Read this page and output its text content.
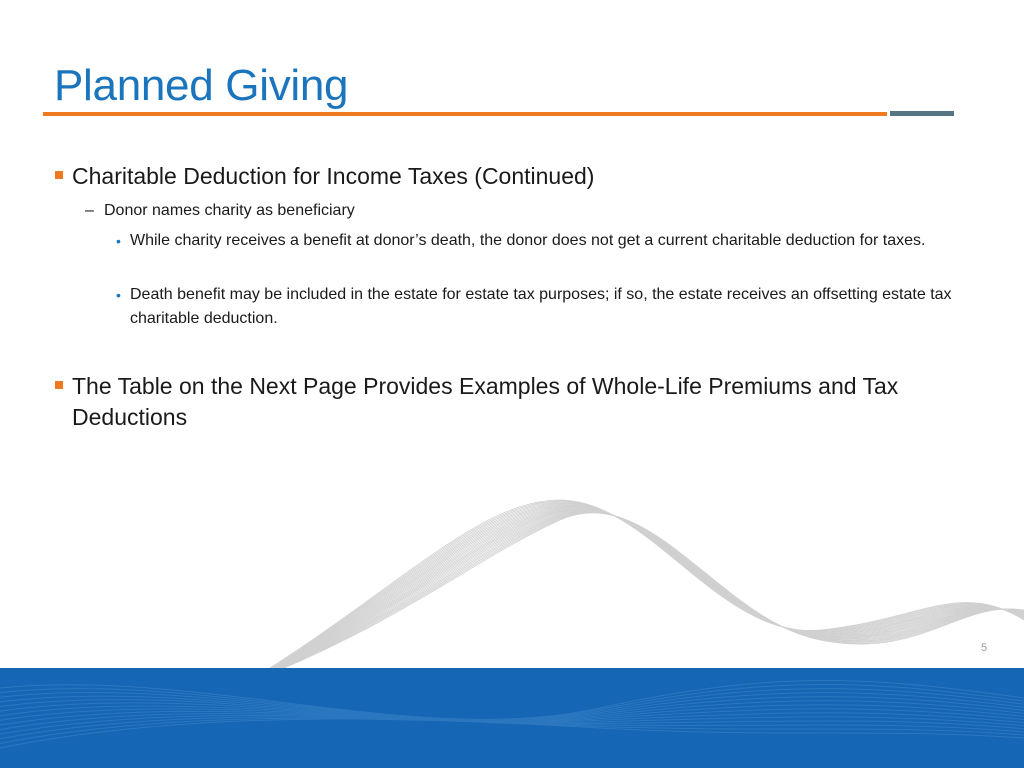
Planned Giving
Charitable Deduction for Income Taxes (Continued)
– Donor names charity as beneficiary
• While charity receives a benefit at donor’s death, the donor does not get a current charitable deduction for taxes.
• Death benefit may be included in the estate for estate tax purposes; if so, the estate receives an offsetting estate tax charitable deduction.
The Table on the Next Page Provides Examples of Whole-Life Premiums and Tax Deductions
5
